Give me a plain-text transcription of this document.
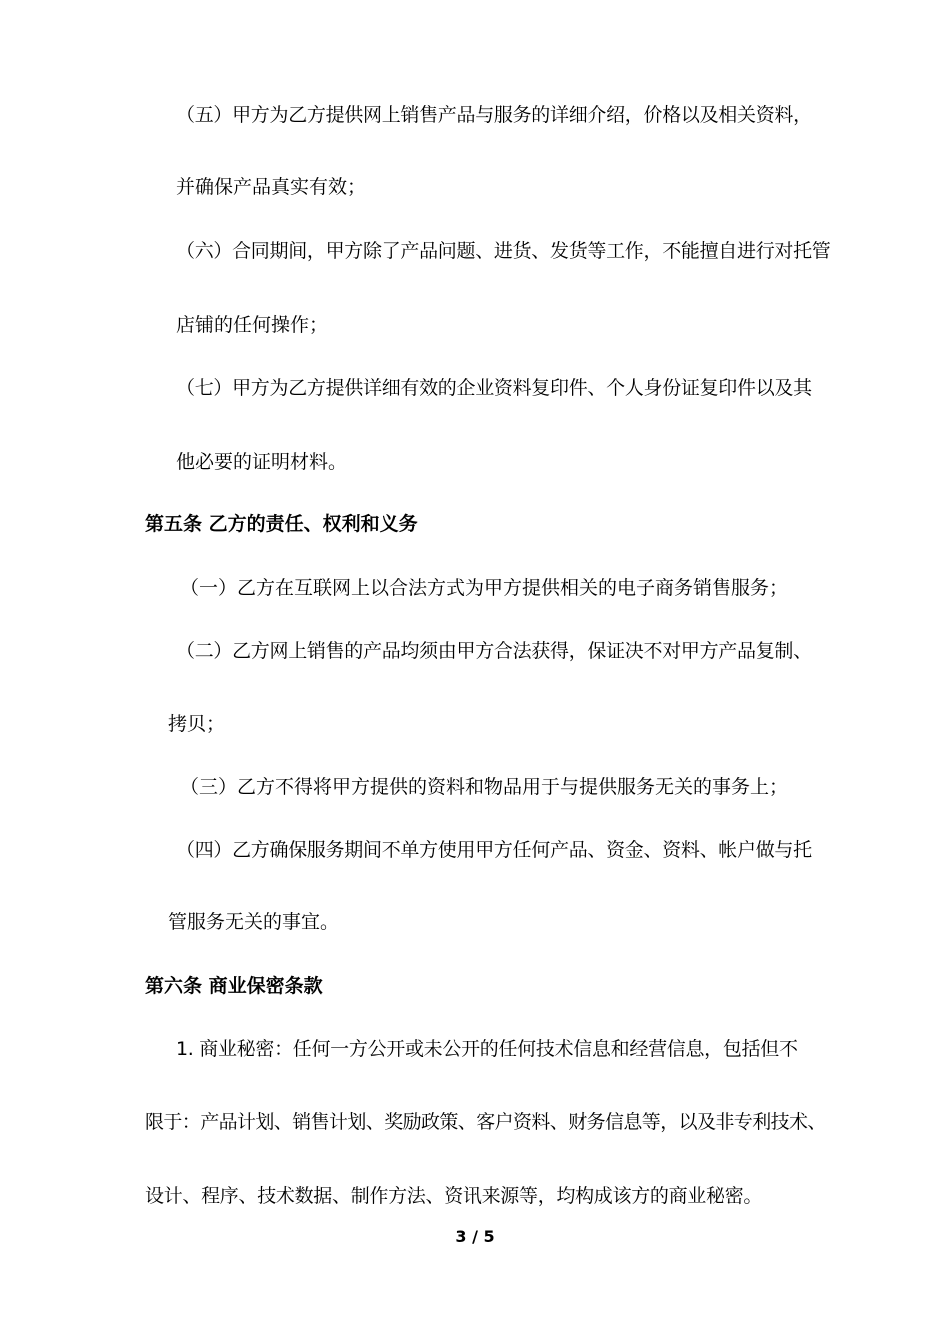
（五）甲方为乙方提供网上销售产品与服务的详细介绍，价格以及相关资料，
并确保产品真实有效；
（六）合同期间，甲方除了产品问题、进货、发货等工作，不能擅自进行对托管
店铺的任何操作；
（七）甲方为乙方提供详细有效的企业资料复印件、个人身份证复印件以及其
他必要的证明材料。
第五条 乙方的责任、权利和义务
（一）乙方在互联网上以合法方式为甲方提供相关的电子商务销售服务；
（二）乙方网上销售的产品均须由甲方合法获得，保证决不对甲方产品复制、
拷贝；
（三）乙方不得将甲方提供的资料和物品用于与提供服务无关的事务上；
（四）乙方确保服务期间不单方使用甲方任何产品、资金、资料、帐户做与托
管服务无关的事宜。
第六条 商业保密条款
1. 商业秘密：任何一方公开或未公开的任何技术信息和经营信息，包括但不
限于：产品计划、销售计划、奖励政策、客户资料、财务信息等，以及非专利技术、
设计、程序、技术数据、制作方法、资讯来源等，均构成该方的商业秘密。
3 / 5
